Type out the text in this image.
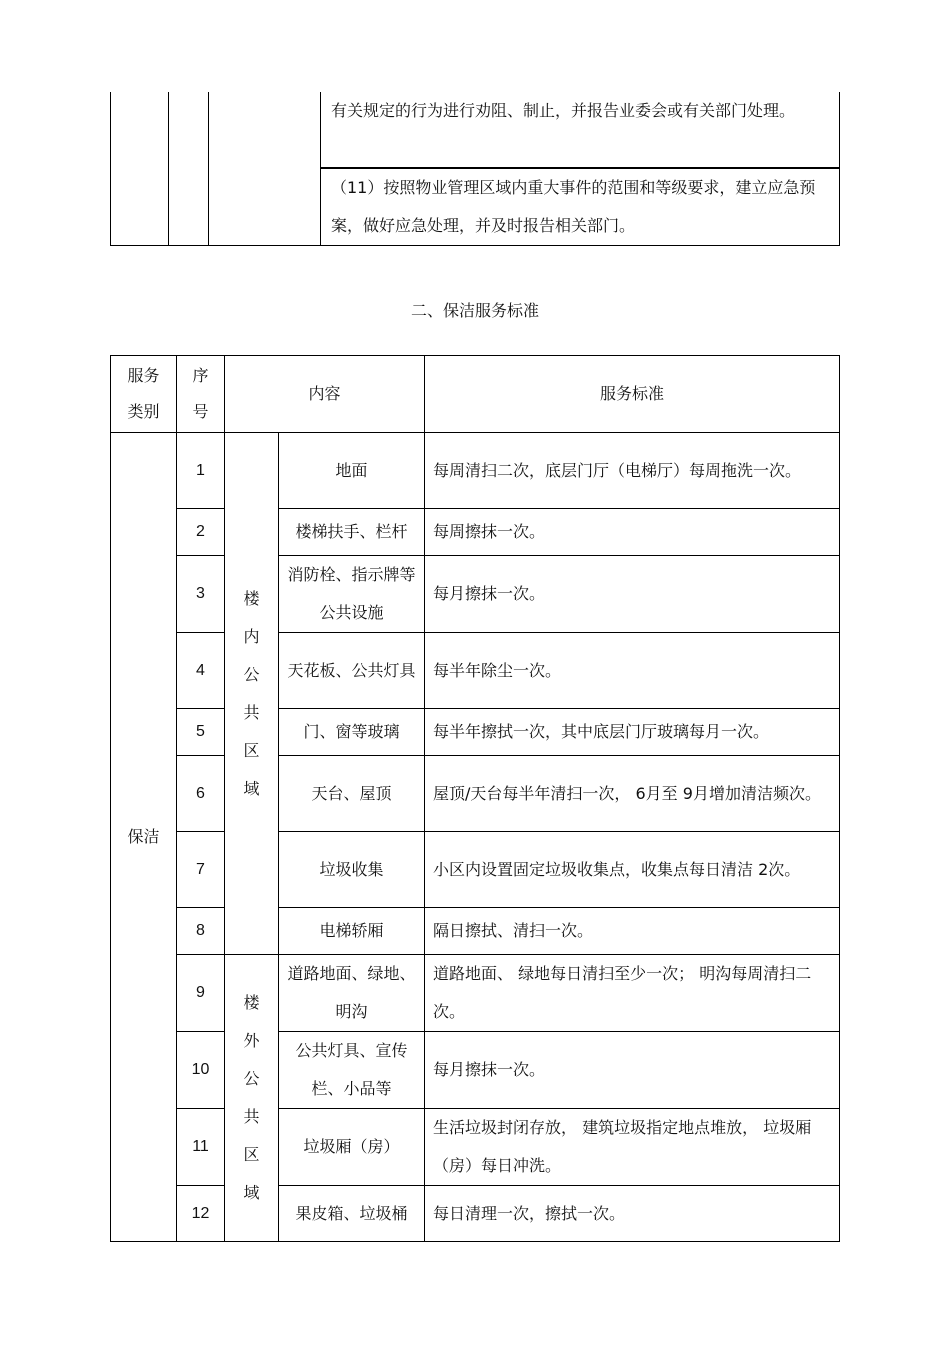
			有关规定的行为进行劝阻、制止，并报告业委会或有关部门处理。
（11）按照物业管理区域内重大事件的范围和等级要求，建立应急预案，做好应急处理，并及时报告相关部门。
二、保洁服务标准
服务类别	序号	内容		服务标准
保洁	1	楼内公共区域	地面	每周清扫二次，底层门厅（电梯厅）每周拖洗一次。
	2		楼梯扶手、栏杆	每周擦抹一次。
	3		消防栓、指示牌等公共设施	每月擦抹一次。
	4		天花板、公共灯具	每半年除尘一次。
	5		门、窗等玻璃	每半年擦拭一次，其中底层门厅玻璃每月一次。
	6		天台、屋顶	屋顶/天台每半年清扫一次， 6月至 9月增加清洁频次。
	7		垃圾收集	小区内设置固定垃圾收集点，收集点每日清洁 2次。
	8		电梯轿厢	隔日擦拭、清扫一次。
	9	楼外公共区域	道路地面、绿地、明沟	道路地面、 绿地每日清扫至少一次； 明沟每周清扫二次。
	10		公共灯具、宣传栏、小品等	每月擦抹一次。
	11		垃圾厢（房）	生活垃圾封闭存放， 建筑垃圾指定地点堆放， 垃圾厢（房）每日冲洗。
	12		果皮箱、垃圾桶	每日清理一次，擦拭一次。
